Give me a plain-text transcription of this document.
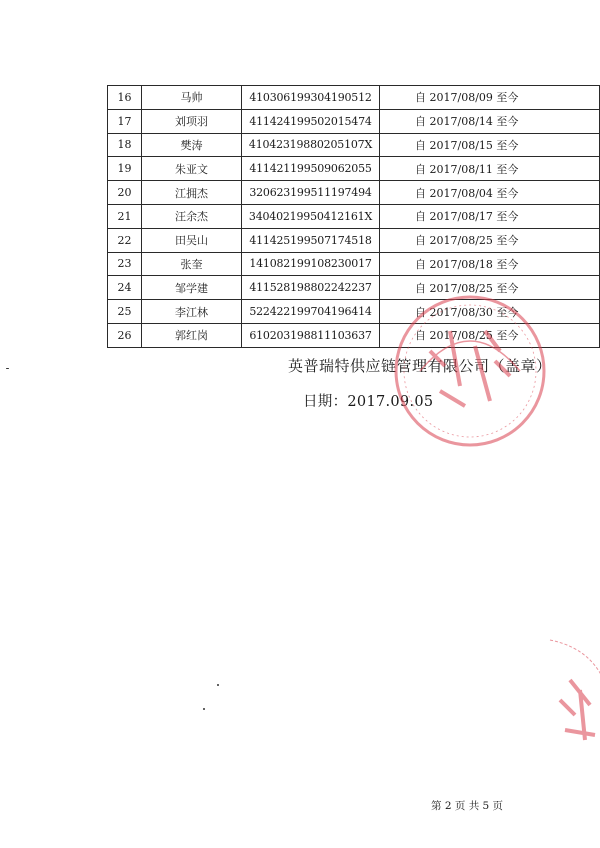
16	马帅	410306199304190512	自 2017/08/09 至今
17	刘项羽	411424199502015474	自 2017/08/14 至今
18	樊涛	41042319880205107X	自 2017/08/15 至今
19	朱亚文	411421199509062055	自 2017/08/11 至今
20	江拥杰	320623199511197494	自 2017/08/04 至今
21	汪余杰	34040219950412161X	自 2017/08/17 至今
22	田吴山	411425199507174518	自 2017/08/25 至今
23	张奎	141082199108230017	自 2017/08/18 至今
24	邹学建	411528198802242237	自 2017/08/25 至今
25	李江林	522422199704196414	自 2017/08/30 至今
26	郭红岗	610203198811103637	自 2017/08/25 至今
英普瑞特供应链管理有限公司（盖章）
日期：2017.09.05
第 2 页 共 5 页
